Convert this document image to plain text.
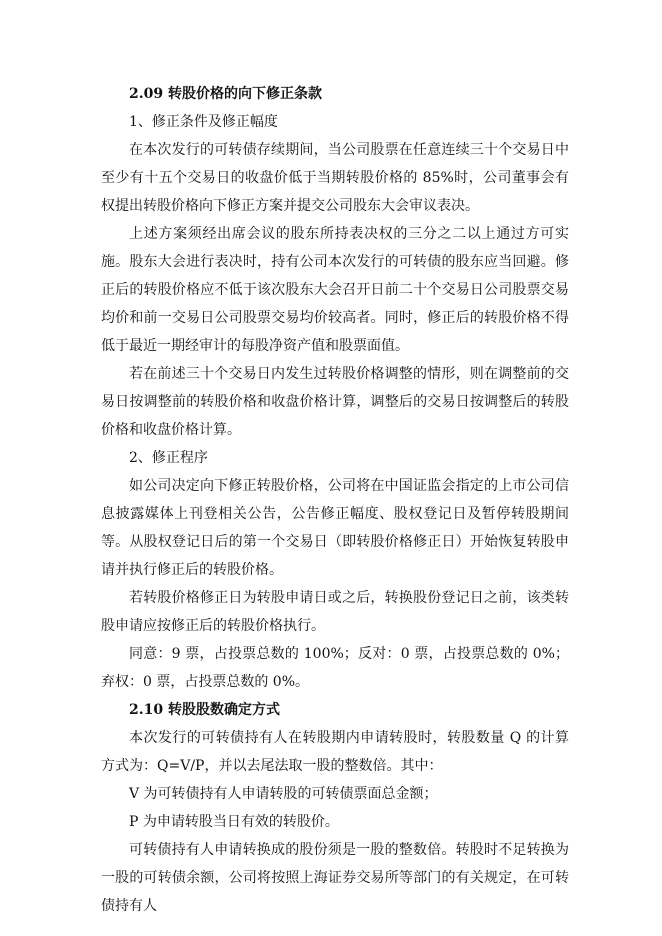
2.09 转股价格的向下修正条款

1、修正条件及修正幅度

在本次发行的可转债存续期间，当公司股票在任意连续三十个交易日中至少有十五个交易日的收盘价低于当期转股价格的 85%时，公司董事会有权提出转股价格向下修正方案并提交公司股东大会审议表决。

上述方案须经出席会议的股东所持表决权的三分之二以上通过方可实施。股东大会进行表决时，持有公司本次发行的可转债的股东应当回避。修正后的转股价格应不低于该次股东大会召开日前二十个交易日公司股票交易均价和前一交易日公司股票交易均价较高者。同时，修正后的转股价格不得低于最近一期经审计的每股净资产值和股票面值。

若在前述三十个交易日内发生过转股价格调整的情形，则在调整前的交易日按调整前的转股价格和收盘价格计算，调整后的交易日按调整后的转股价格和收盘价格计算。

2、修正程序

如公司决定向下修正转股价格，公司将在中国证监会指定的上市公司信息披露媒体上刊登相关公告，公告修正幅度、股权登记日及暂停转股期间等。从股权登记日后的第一个交易日（即转股价格修正日）开始恢复转股申请并执行修正后的转股价格。

若转股价格修正日为转股申请日或之后，转换股份登记日之前，该类转股申请应按修正后的转股价格执行。

同意：9 票，占投票总数的 100%；反对：0 票，占投票总数的 0%；弃权：0 票，占投票总数的 0%。

2.10 转股股数确定方式

本次发行的可转债持有人在转股期内申请转股时，转股数量 Q 的计算方式为：Q=V/P，并以去尾法取一股的整数倍。其中：

V 为可转债持有人申请转股的可转债票面总金额；

P 为申请转股当日有效的转股价。

可转债持有人申请转换成的股份须是一股的整数倍。转股时不足转换为一股的可转债余额，公司将按照上海证券交易所等部门的有关规定，在可转债持有人
